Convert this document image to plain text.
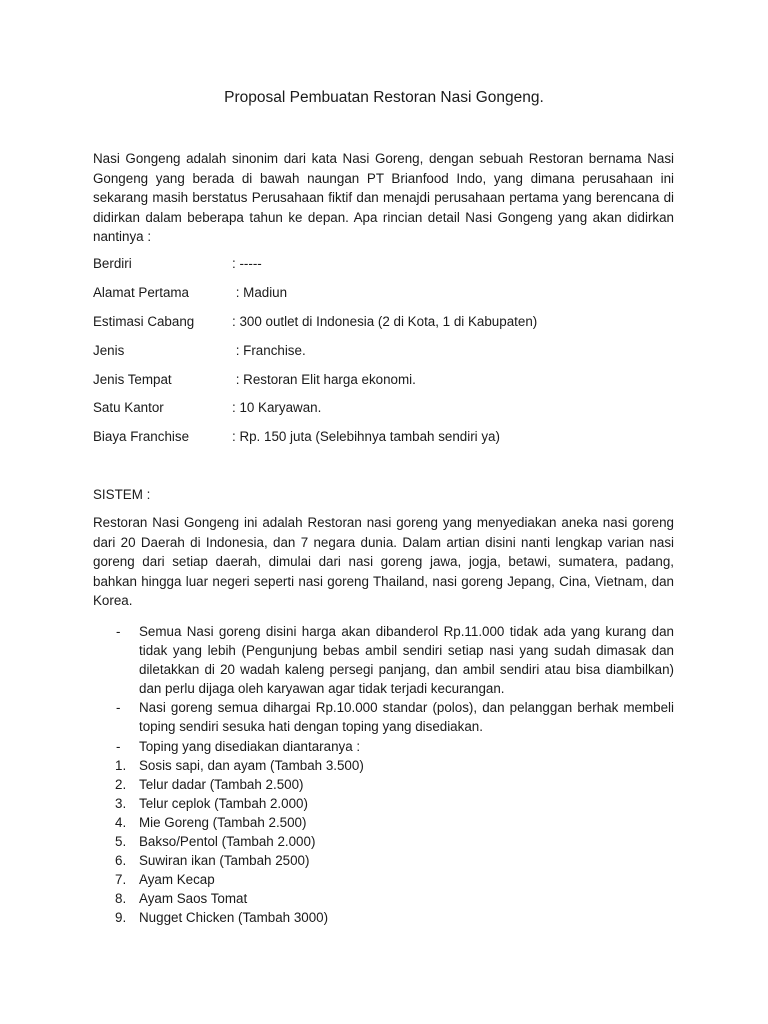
Proposal Pembuatan Restoran Nasi Gongeng.

Nasi Gongeng adalah sinonim dari kata Nasi Goreng, dengan sebuah Restoran bernama Nasi Gongeng yang berada di bawah naungan PT Brianfood Indo, yang dimana perusahaan ini sekarang masih berstatus Perusahaan fiktif dan menajdi perusahaan pertama yang berencana di didirkan dalam beberapa tahun ke depan. Apa rincian detail Nasi Gongeng yang akan didirkan nantinya :

Berdiri	: -----
Alamat Pertama	: Madiun
Estimasi Cabang	: 300 outlet di Indonesia (2 di Kota, 1 di Kabupaten)
Jenis	: Franchise.
Jenis Tempat	: Restoran Elit harga ekonomi.
Satu Kantor	: 10 Karyawan.
Biaya Franchise	: Rp. 150 juta (Selebihnya tambah sendiri ya)
SISTEM :

Restoran Nasi Gongeng ini adalah Restoran nasi goreng yang menyediakan aneka nasi goreng dari 20 Daerah di Indonesia, dan 7 negara dunia. Dalam artian disini nanti lengkap varian nasi goreng dari setiap daerah, dimulai dari nasi goreng jawa, jogja, betawi, sumatera, padang, bahkan hingga luar negeri seperti nasi goreng Thailand, nasi goreng Jepang, Cina, Vietnam, dan Korea.

- Semua Nasi goreng disini harga akan dibanderol Rp.11.000 tidak ada yang kurang dan tidak yang lebih (Pengunjung bebas ambil sendiri setiap nasi yang sudah dimasak dan diletakkan di 20 wadah kaleng persegi panjang, dan ambil sendiri atau bisa diambilkan) dan perlu dijaga oleh karyawan agar tidak terjadi kecurangan.
- Nasi goreng semua dihargai Rp.10.000 standar (polos), dan pelanggan berhak membeli toping sendiri sesuka hati dengan toping yang disediakan.
- Toping yang disediakan diantaranya :
1. Sosis sapi, dan ayam (Tambah 3.500)
2. Telur dadar (Tambah 2.500)
3. Telur ceplok (Tambah 2.000)
4. Mie Goreng (Tambah 2.500)
5. Bakso/Pentol (Tambah 2.000)
6. Suwiran ikan (Tambah 2500)
7. Ayam Kecap
8. Ayam Saos Tomat
9. Nugget Chicken (Tambah 3000)
